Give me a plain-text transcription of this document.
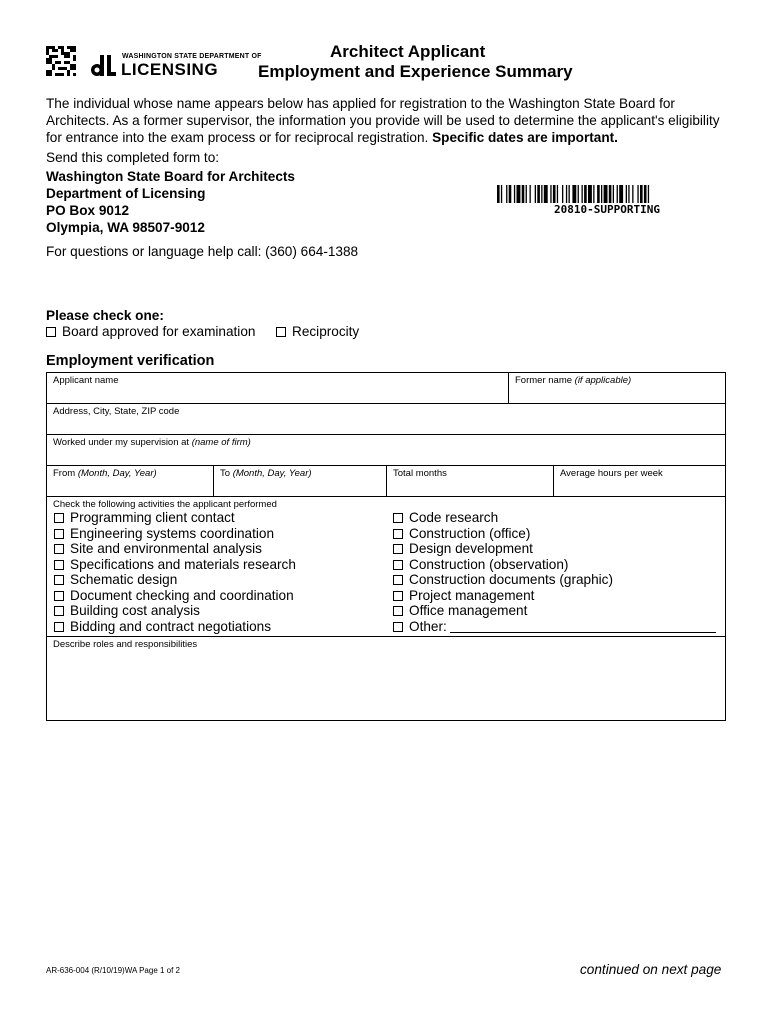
WASHINGTON STATE DEPARTMENT OF
LICENSING
Architect Applicant
Employment and Experience Summary
The individual whose name appears below has applied for registration to the Washington State Board for Architects. As a former supervisor, the information you provide will be used to determine the applicant's eligibility for entrance into the exam process or for reciprocal registration. Specific dates are important.
Send this completed form to:
Washington State Board for Architects
Department of Licensing
PO Box 9012
Olympia, WA 98507-9012
20810-SUPPORTING
For questions or language help call: (360) 664-1388
Please check one:
Board approved for examination	Reciprocity
Employment verification
Applicant name	Former name (if applicable)
Address, City, State, ZIP code
Worked under my supervision at (name of firm)
From (Month, Day, Year)	To (Month, Day, Year)	Total months	Average hours per week
Check the following activities the applicant performed
Programming client contact
Engineering systems coordination
Site and environmental analysis
Specifications and materials research
Schematic design
Document checking and coordination
Building cost analysis
Bidding and contract negotiations
Code research
Construction (office)
Design development
Construction (observation)
Construction documents (graphic)
Project management
Office management
Other:
Describe roles and responsibilities
AR-636-004 (R/10/19)WA Page 1 of 2	continued on next page
